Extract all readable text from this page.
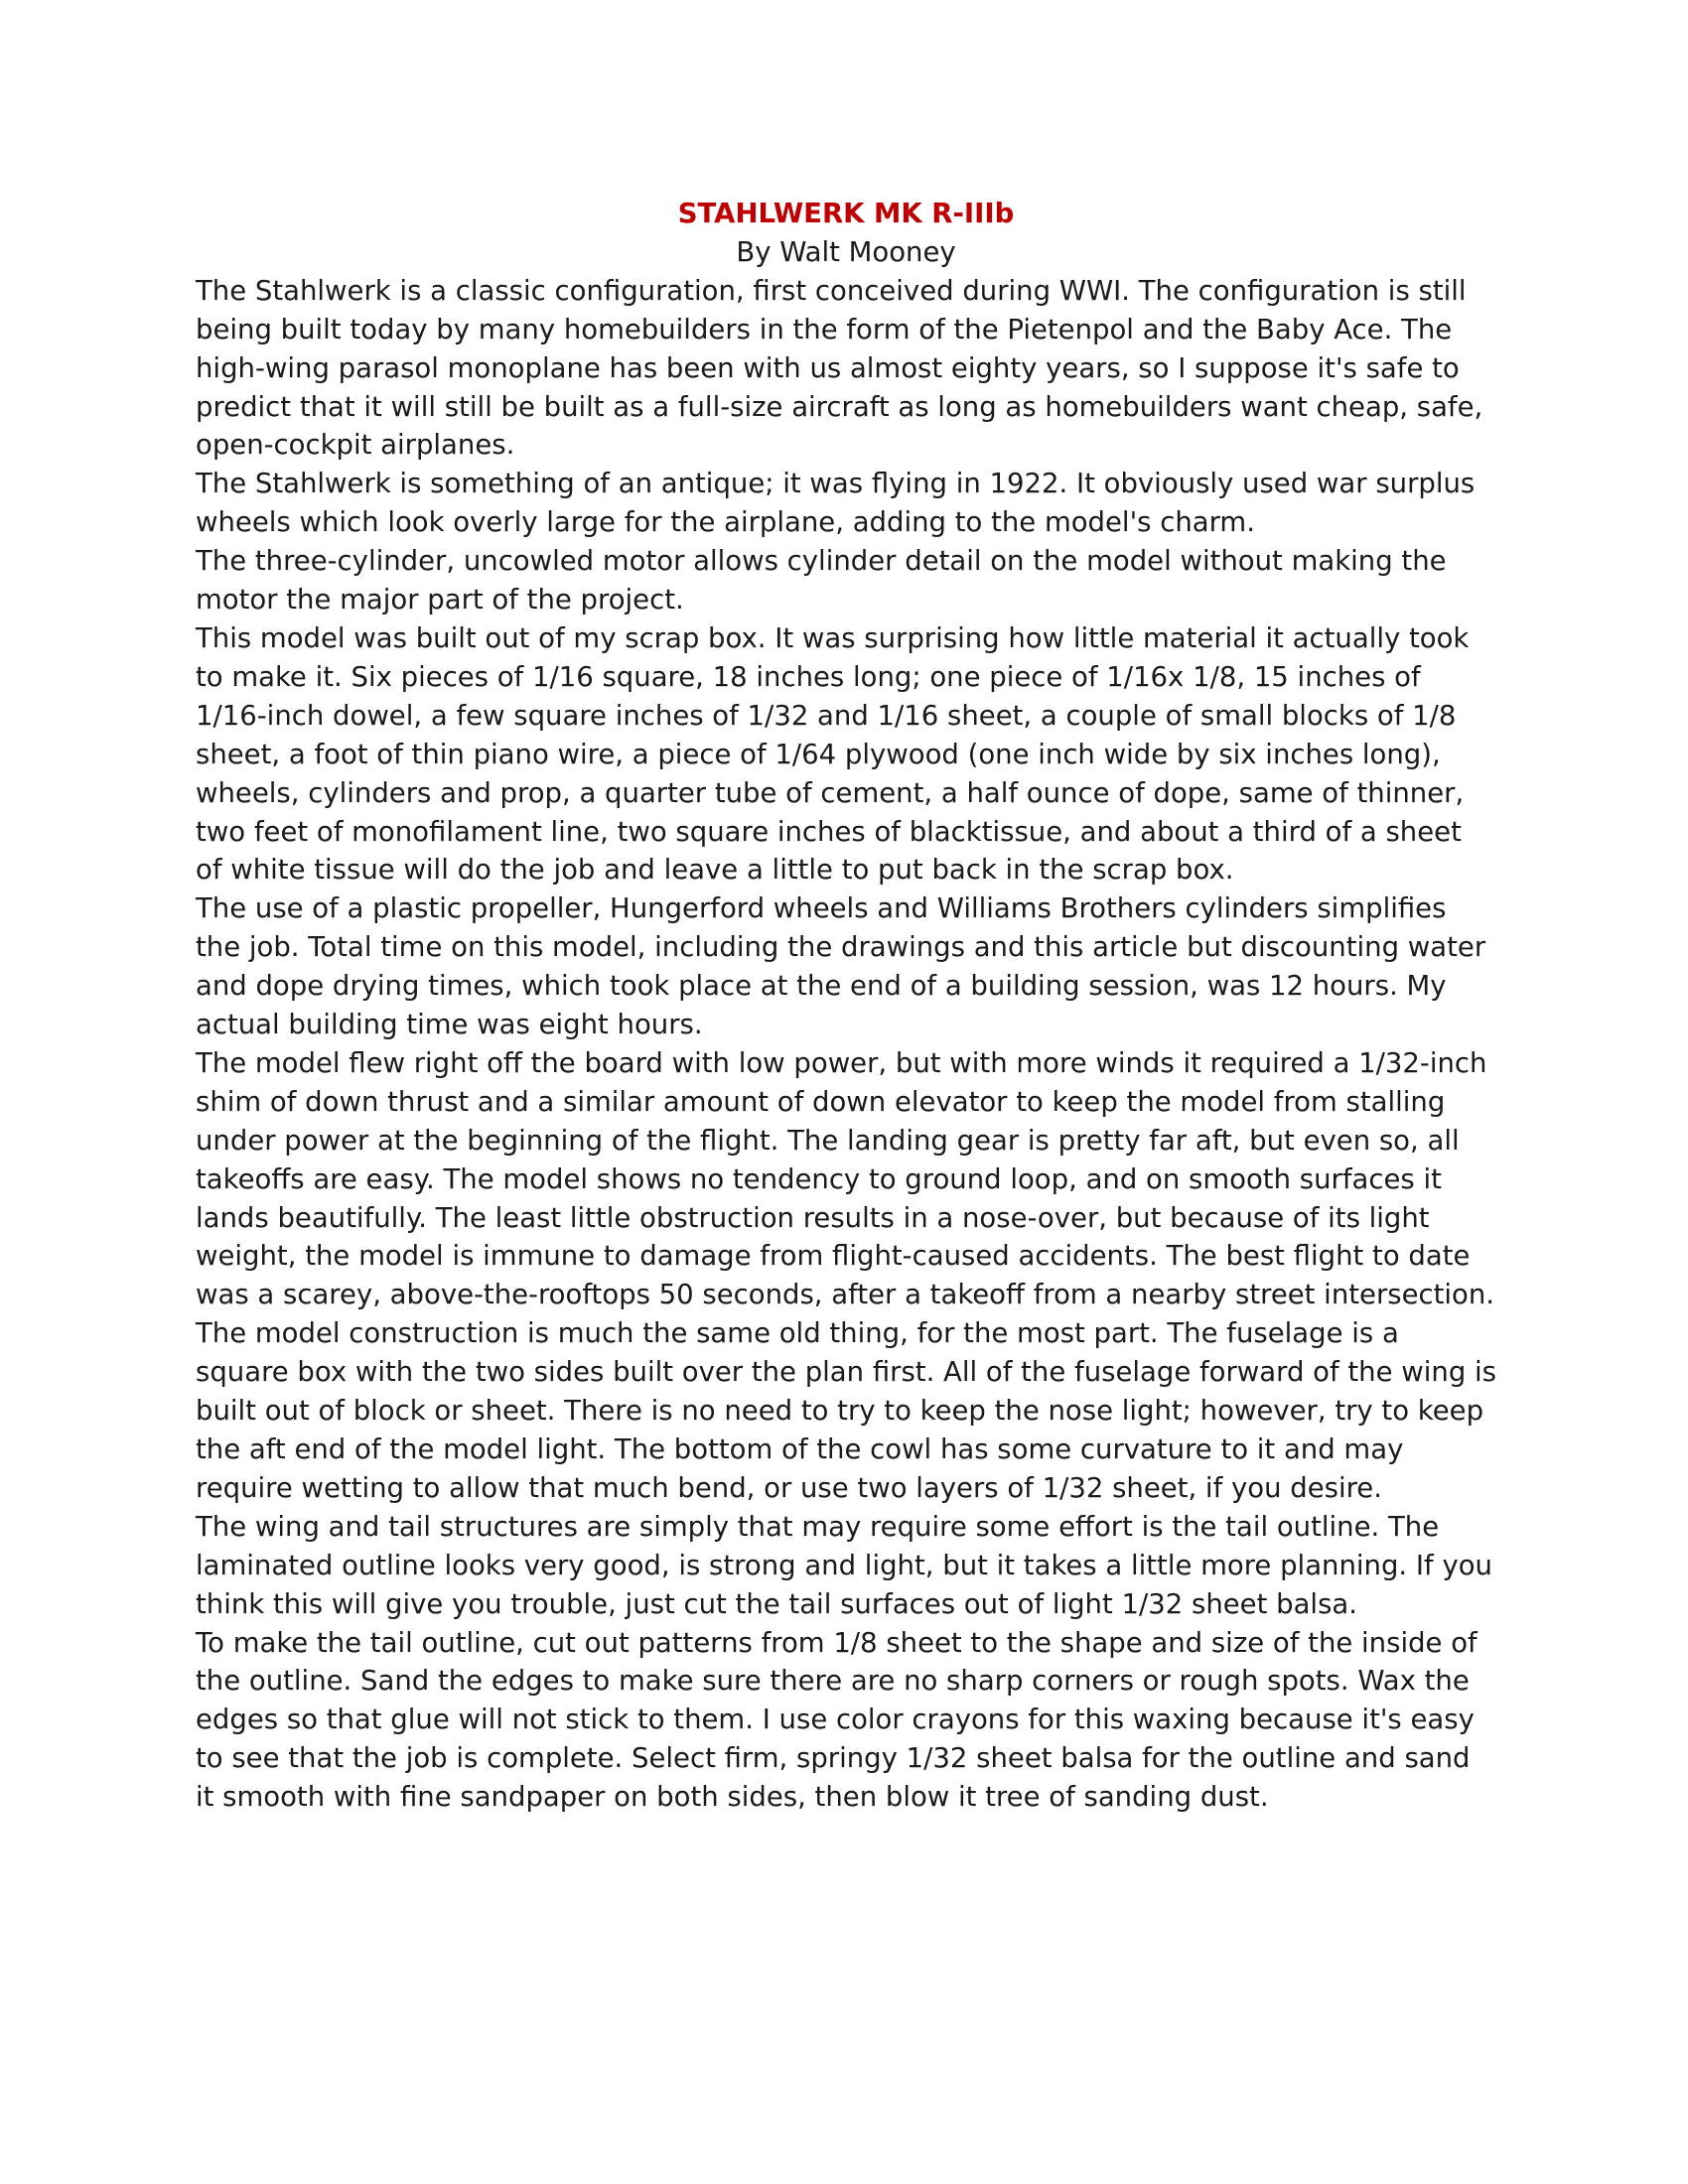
STAHLWERK MK R-IIIb

By Walt Mooney

The Stahlwerk is a classic configuration, first conceived during WWI. The configuration is still being built today by many homebuilders in the form of the Pietenpol and the Baby Ace. The high-wing parasol monoplane has been with us almost eighty years, so I suppose it's safe to predict that it will still be built as a full-size aircraft as long as homebuilders want cheap, safe, open-cockpit airplanes.

The Stahlwerk is something of an antique; it was flying in 1922. It obviously used war surplus wheels which look overly large for the airplane, adding to the model's charm.

The three-cylinder, uncowled motor allows cylinder detail on the model without making the motor the major part of the project.

This model was built out of my scrap box. It was surprising how little material it actually took to make it. Six pieces of 1/16 square, 18 inches long; one piece of 1/16x 1/8, 15 inches of 1/16-inch dowel, a few square inches of 1/32 and 1/16 sheet, a couple of small blocks of 1/8 sheet, a foot of thin piano wire, a piece of 1/64 plywood (one inch wide by six inches long), wheels, cylinders and prop, a quarter tube of cement, a half ounce of dope, same of thinner, two feet of monofilament line, two square inches of blacktissue, and about a third of a sheet of white tissue will do the job and leave a little to put back in the scrap box.

The use of a plastic propeller, Hungerford wheels and Williams Brothers cylinders simplifies the job. Total time on this model, including the drawings and this article but discounting water and dope drying times, which took place at the end of a building session, was 12 hours. My actual building time was eight hours.

The model flew right off the board with low power, but with more winds it required a 1/32-inch shim of down thrust and a similar amount of down elevator to keep the model from stalling under power at the beginning of the flight. The landing gear is pretty far aft, but even so, all takeoffs are easy. The model shows no tendency to ground loop, and on smooth surfaces it lands beautifully. The least little obstruction results in a nose-over, but because of its light weight, the model is immune to damage from flight-caused accidents. The best flight to date was a scarey, above-the-rooftops 50 seconds, after a takeoff from a nearby street intersection.

The model construction is much the same old thing, for the most part. The fuselage is a square box with the two sides built over the plan first. All of the fuselage forward of the wing is built out of block or sheet. There is no need to try to keep the nose light; however, try to keep the aft end of the model light. The bottom of the cowl has some curvature to it and may require wetting to allow that much bend, or use two layers of 1/32 sheet, if you desire.

The wing and tail structures are simply that may require some effort is the tail outline. The laminated outline looks very good, is strong and light, but it takes a little more planning. If you think this will give you trouble, just cut the tail surfaces out of light 1/32 sheet balsa.

To make the tail outline, cut out patterns from 1/8 sheet to the shape and size of the inside of the outline. Sand the edges to make sure there are no sharp corners or rough spots. Wax the edges so that glue will not stick to them. I use color crayons for this waxing because it's easy to see that the job is complete. Select firm, springy 1/32 sheet balsa for the outline and sand it smooth with fine sandpaper on both sides, then blow it tree of sanding dust.
